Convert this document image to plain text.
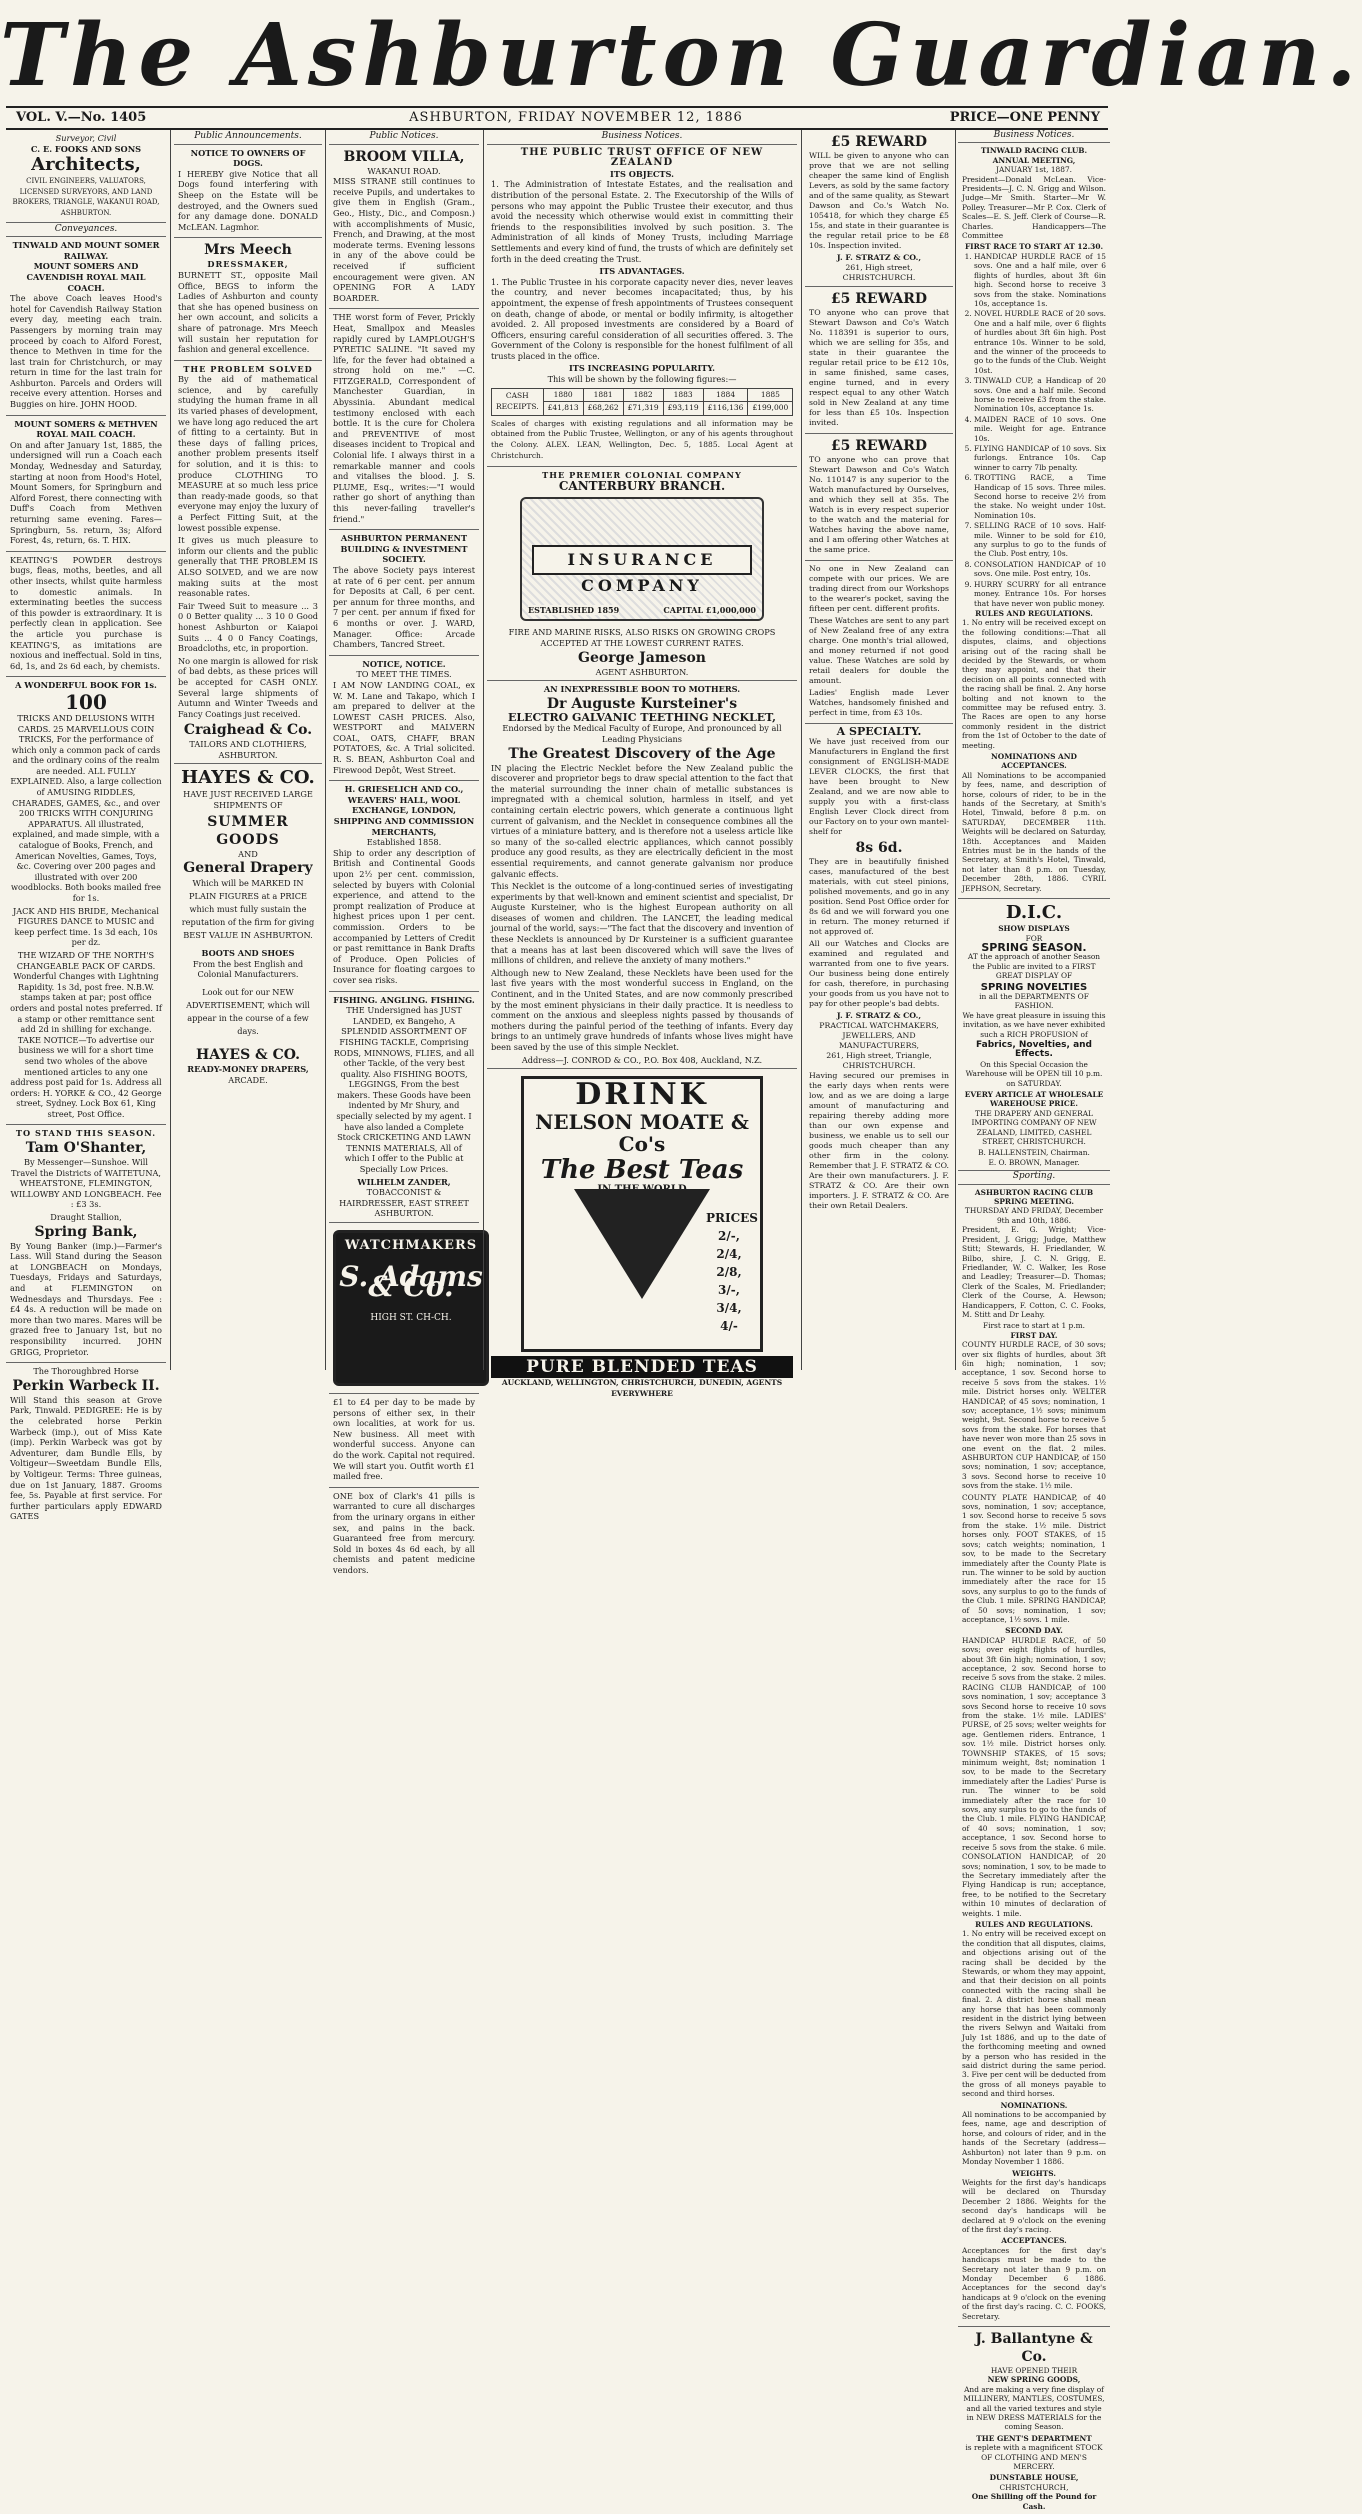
The Ashburton Guardian.
VOL. V.—No. 1405	ASHBURTON, FRIDAY NOVEMBER 12, 1886	PRICE—ONE PENNY
Surveyor, Civil
C. E. FOOKS AND SONS
Architects,
CIVIL ENGINEERS, VALUATORS, LICENSED SURVEYORS, AND LAND BROKERS, TRIANGLE, WAKANUI ROAD, ASHBURTON.
Conveyances.
TINWALD AND MOUNT SOMER RAILWAY.
MOUNT SOMERS AND CAVENDISH ROYAL MAIL COACH.

The above Coach leaves Hood's hotel for Cavendish Railway Station every day, meeting each train. Passengers by morning train may proceed by coach to Alford Forest, thence to Methven in time for the last train for Christchurch, or may return in time for the last train for Ashburton. Parcels and Orders will receive every attention. Horses and Buggies on hire. JOHN HOOD.

MOUNT SOMERS & METHVEN ROYAL MAIL COACH.

On and after January 1st, 1885, the undersigned will run a Coach each Monday, Wednesday and Saturday, starting at noon from Hood's Hotel, Mount Somers, for Springburn and Alford Forest, there connecting with Duff's Coach from Methven returning same evening. Fares—Springburn, 5s. return, 3s; Alford Forest, 4s, return, 6s. T. HIX.

KEATING'S POWDER destroys bugs, fleas, moths, beetles, and all other insects, whilst quite harmless to domestic animals. In exterminating beetles the success of this powder is extraordinary. It is perfectly clean in application. See the article you purchase is KEATING'S, as imitations are noxious and ineffectual. Sold in tins, 6d, 1s, and 2s 6d each, by chemists.

A WONDERFUL BOOK FOR 1s.
100

TRICKS AND DELUSIONS WITH CARDS. 25 MARVELLOUS COIN TRICKS, For the performance of which only a common pack of cards and the ordinary coins of the realm are needed. ALL FULLY EXPLAINED. Also, a large collection of AMUSING RIDDLES, CHARADES, GAMES, &c., and over 200 TRICKS WITH CONJURING APPARATUS. All illustrated, explained, and made simple, with a catalogue of Books, French, and American Novelties, Games, Toys, &c. Covering over 200 pages and illustrated with over 200 woodblocks. Both books mailed free for 1s.

JACK AND HIS BRIDE, Mechanical FIGURES DANCE to MUSIC and keep perfect time. 1s 3d each, 10s per dz.

THE WIZARD OF THE NORTH'S CHANGEABLE PACK OF CARDS. Wonderful Changes with Lightning Rapidity. 1s 3d, post free. N.B.W. stamps taken at par; post office orders and postal notes preferred. If a stamp or other remittance sent add 2d in shilling for exchange. TAKE NOTICE—To advertise our business we will for a short time send two wholes of the above mentioned articles to any one address post paid for 1s. Address all orders: H. YORKE & CO., 42 George street, Sydney. Lock Box 61, King street, Post Office.

TO STAND THIS SEASON.
Tam O'Shanter,

By Messenger—Sunshoe. Will Travel the Districts of WAITETUNA, WHEATSTONE, FLEMINGTON, WILLOWBY AND LONGBEACH. Fee : £3 3s.

Draught Stallion,
Spring Bank,

By Young Banker (imp.)—Farmer's Lass. Will Stand during the Season at LONGBEACH on Mondays, Tuesdays, Fridays and Saturdays, and at FLEMINGTON on Wednesdays and Thursdays. Fee : £4 4s. A reduction will be made on more than two mares. Mares will be grazed free to January 1st, but no responsibility incurred. JOHN GRIGG, Proprietor.

The Thoroughbred Horse
Perkin Warbeck II.

Will Stand this season at Grove Park, Tinwald. PEDIGREE: He is by the celebrated horse Perkin Warbeck (imp.), out of Miss Kate (imp). Perkin Warbeck was got by Adventurer, dam Bundle Ells, by Voltigeur—Sweetdam Bundle Ells, by Voltigeur. Terms: Three guineas, due on 1st January, 1887. Grooms fee, 5s. Payable at first service. For further particulars apply EDWARD GATES

Public Announcements.
NOTICE TO OWNERS OF DOGS.

I HEREBY give Notice that all Dogs found interfering with Sheep on the Estate will be destroyed, and the Owners sued for any damage done. DONALD McLEAN. Lagmhor.

Mrs Meech
DRESSMAKER,

BURNETT ST., opposite Mail Office, BEGS to inform the Ladies of Ashburton and county that she has opened business on her own account, and solicits a share of patronage. Mrs Meech will sustain her reputation for fashion and general excellence.

THE PROBLEM SOLVED

By the aid of mathematical science, and by carefully studying the human frame in all its varied phases of development, we have long ago reduced the art of fitting to a certainty. But in these days of falling prices, another problem presents itself for solution, and it is this: to produce CLOTHING TO MEASURE at so much less price than ready-made goods, so that everyone may enjoy the luxury of a Perfect Fitting Suit, at the lowest possible expense.

It gives us much pleasure to inform our clients and the public generally that THE PROBLEM IS ALSO SOLVED, and we are now making suits at the most reasonable rates.

Fair Tweed Suit to measure ... 3 0 0 Better quality ... 3 10 0 Good honest Ashburton or Kaiapoi Suits ... 4 0 0 Fancy Coatings, Broadcloths, etc, in proportion.

No one margin is allowed for risk of bad debts, as these prices will be accepted for CASH ONLY. Several large shipments of Autumn and Winter Tweeds and Fancy Coatings just received.

Craighead & Co.
TAILORS AND CLOTHIERS, ASHBURTON.
HAYES & CO.

HAVE JUST RECEIVED LARGE SHIPMENTS OF

SUMMER GOODS
AND
General Drapery

Which will be MARKED IN PLAIN FIGURES at a PRICE which must fully sustain the reputation of the firm for giving BEST VALUE IN ASHBURTON.

BOOTS AND SHOES

From the best English and Colonial Manufacturers.

Look out for our NEW ADVERTISEMENT, which will appear in the course of a few days.

HAYES & CO.
READY-MONEY DRAPERS,
ARCADE.
Public Notices.
BROOM VILLA,
WAKANUI ROAD.

MISS STRANE still continues to receive Pupils, and undertakes to give them in English (Gram., Geo., Histy., Dic., and Composn.) with accomplishments of Music, French, and Drawing, at the most moderate terms. Evening lessons in any of the above could be received if sufficient encouragement were given. AN OPENING FOR A LADY BOARDER.

THE worst form of Fever, Prickly Heat, Smallpox and Measles rapidly cured by LAMPLOUGH'S PYRETIC SALINE. "It saved my life, for the fever had obtained a strong hold on me." —C. FITZGERALD, Correspondent of Manchester Guardian, in Abyssinia. Abundant medical testimony enclosed with each bottle. It is the cure for Cholera and PREVENTIVE of most diseases incident to Tropical and Colonial life. I always thirst in a remarkable manner and cools and vitalises the blood. J. S. PLUME, Esq., writes:—"I would rather go short of anything than this never-failing traveller's friend."

ASHBURTON PERMANENT BUILDING & INVESTMENT SOCIETY.

The above Society pays interest at rate of 6 per cent. per annum for Deposits at Call, 6 per cent. per annum for three months, and 7 per cent. per annum if fixed for 6 months or over. J. WARD, Manager. Office: Arcade Chambers, Tancred Street.

NOTICE, NOTICE.
TO MEET THE TIMES.

I AM NOW LANDING COAL, ex W. M. Lane and Takapo, which I am prepared to deliver at the LOWEST CASH PRICES. Also, WESTPORT and MALVERN COAL, OATS, CHAFF, BRAN POTATOES, &c. A Trial solicited. R. S. BEAN, Ashburton Coal and Firewood Depôt, West Street.

H. GRIESELICH AND CO., WEAVERS' HALL, WOOL EXCHANGE, LONDON, SHIPPING AND COMMISSION MERCHANTS,
Established 1858.

Ship to order any description of British and Continental Goods upon 2½ per cent. commission, selected by buyers with Colonial experience, and attend to the prompt realization of Produce at highest prices upon 1 per cent. commission. Orders to be accompanied by Letters of Credit or past remittance in Bank Drafts of Produce. Open Policies of Insurance for floating cargoes to cover sea risks.

FISHING. ANGLING. FISHING.

THE Undersigned has JUST LANDED, ex Bangeho, A SPLENDID ASSORTMENT OF FISHING TACKLE, Comprising RODS, MINNOWS, FLIES, and all other Tackle, of the very best quality. Also FISHING BOOTS, LEGGINGS, From the best makers. These Goods have been indented by Mr Shury, and specially selected by my agent. I have also landed a Complete Stock CRICKETING AND LAWN TENNIS MATERIALS, All of which I offer to the Public at Specially Low Prices.

WILHELM ZANDER,
TOBACCONIST & HAIRDRESSER, EAST STREET ASHBURTON.
WATCHMAKERS
S. Adams & Co.
HIGH ST. CH-CH.

£1 to £4 per day to be made by persons of either sex, in their own localities, at work for us. New business. All meet with wonderful success. Anyone can do the work. Capital not required. We will start you. Outfit worth £1 mailed free.

ONE box of Clark's 41 pills is warranted to cure all discharges from the urinary organs in either sex, and pains in the back. Guaranteed free from mercury. Sold in boxes 4s 6d each, by all chemists and patent medicine vendors.

Business Notices.
THE PUBLIC TRUST OFFICE OF NEW ZEALAND
ITS OBJECTS.

1. The Administration of Intestate Estates, and the realisation and distribution of the personal Estate. 2. The Executorship of the Wills of persons who may appoint the Public Trustee their executor, and thus avoid the necessity which otherwise would exist in committing their friends to the responsibilities involved by such position. 3. The Administration of all kinds of Money Trusts, including Marriage Settlements and every kind of fund, the trusts of which are definitely set forth in the deed creating the Trust.

ITS ADVANTAGES.

1. The Public Trustee in his corporate capacity never dies, never leaves the country, and never becomes incapacitated; thus, by his appointment, the expense of fresh appointments of Trustees consequent on death, change of abode, or mental or bodily infirmity, is altogether avoided. 2. All proposed investments are considered by a Board of Officers, ensuring careful consideration of all securities offered. 3. The Government of the Colony is responsible for the honest fulfilment of all trusts placed in the office.

ITS INCREASING POPULARITY.
This will be shown by the following figures:—
CASH RECEIPTS.	1880	1881	1882	1883	1884	1885
	£41,813	£68,262	£71,319	£93,119	£116,136	£199,000

Scales of charges with existing regulations and all information may be obtained from the Public Trustee, Wellington, or any of his agents throughout the Colony. ALEX. LEAN, Wellington, Dec. 5, 1885. Local Agent at Christchurch.

THE PREMIER COLONIAL COMPANY
CANTERBURY BRANCH.
INSURANCE COMPANY
ESTABLISHED 1859	CAPITAL £1,000,000
FIRE AND MARINE RISKS, ALSO RISKS ON GROWING CROPS ACCEPTED AT THE LOWEST CURRENT RATES.
George Jameson
AGENT ASHBURTON.
AN INEXPRESSIBLE BOON TO MOTHERS.
Dr Auguste Kursteiner's
ELECTRO GALVANIC TEETHING NECKLET,
Endorsed by the Medical Faculty of Europe, And pronounced by all Leading Physicians
The Greatest Discovery of the Age

IN placing the Electric Necklet before the New Zealand public the discoverer and proprietor begs to draw special attention to the fact that the material surrounding the inner chain of metallic substances is impregnated with a chemical solution, harmless in itself, and yet containing certain electric powers, which generate a continuous light current of galvanism, and the Necklet in consequence combines all the virtues of a miniature battery, and is therefore not a useless article like so many of the so-called electric appliances, which cannot possibly produce any good results, as they are electrically deficient in the most essential requirements, and cannot generate galvanism nor produce galvanic effects.

This Necklet is the outcome of a long-continued series of investigating experiments by that well-known and eminent scientist and specialist, Dr Auguste Kursteiner, who is the highest European authority on all diseases of women and children. The LANCET, the leading medical journal of the world, says:—"The fact that the discovery and invention of these Necklets is announced by Dr Kursteiner is a sufficient guarantee that a means has at last been discovered which will save the lives of millions of children, and relieve the anxiety of many mothers."

Although new to New Zealand, these Necklets have been used for the last five years with the most wonderful success in England, on the Continent, and in the United States, and are now commonly prescribed by the most eminent physicians in their daily practice. It is needless to comment on the anxious and sleepless nights passed by thousands of mothers during the painful period of the teething of infants. Every day brings to an untimely grave hundreds of infants whose lives might have been saved by the use of this simple Necklet.

Address—J. CONROD & CO., P.O. Box 408, Auckland, N.Z.
DRINK
NELSON MOATE & Co's
The Best Teas
IN THE WORLD
PRICES 2/-, 2/4, 2/8, 3/-, 3/4, 4/-
PURE BLENDED TEAS
AUCKLAND, WELLINGTON, CHRISTCHURCH, DUNEDIN, AGENTS EVERYWHERE
£5 REWARD

WILL be given to anyone who can prove that we are not selling cheaper the same kind of English Levers, as sold by the same factory and of the same quality, as Stewart Dawson and Co.'s Watch No. 105418, for which they charge £5 15s, and state in their guarantee is the regular retail price to be £8 10s. Inspection invited.

J. F. STRATZ & CO.,
261, High street, CHRISTCHURCH.
£5 REWARD

TO anyone who can prove that Stewart Dawson and Co's Watch No. 118391 is superior to ours, which we are selling for 35s, and state in their guarantee the regular retail price to be £12 10s, in same finished, same cases, engine turned, and in every respect equal to any other Watch sold in New Zealand at any time for less than £5 10s. Inspection invited.

£5 REWARD

TO anyone who can prove that Stewart Dawson and Co's Watch No. 110147 is any superior to the Watch manufactured by Ourselves, and which they sell at 35s. The Watch is in every respect superior to the watch and the material for Watches having the above name, and I am offering other Watches at the same price.

No one in New Zealand can compete with our prices. We are trading direct from our Workshops to the wearer's pocket, saving the fifteen per cent. different profits.

These Watches are sent to any part of New Zealand free of any extra charge. One month's trial allowed, and money returned if not good value. These Watches are sold by retail dealers for double the amount.

Ladies' English made Lever Watches, handsomely finished and perfect in time, from £3 10s.

A SPECIALTY.

We have just received from our Manufacturers in England the first consignment of ENGLISH-MADE LEVER CLOCKS, the first that have been brought to New Zealand, and we are now able to supply you with a first-class English Lever Clock direct from our Factory on to your own mantel-shelf for

8s 6d.

They are in beautifully finished cases, manufactured of the best materials, with cut steel pinions, polished movements, and go in any position. Send Post Office order for 8s 6d and we will forward you one in return. The money returned if not approved of.

All our Watches and Clocks are examined and regulated and warranted from one to five years. Our business being done entirely for cash, therefore, in purchasing your goods from us you have not to pay for other people's bad debts.

J. F. STRATZ & CO.,
PRACTICAL WATCHMAKERS, JEWELLERS, AND MANUFACTURERS,
261, High street, Triangle, CHRISTCHURCH.

Having secured our premises in the early days when rents were low, and as we are doing a large amount of manufacturing and repairing thereby adding more than our own expense and business, we enable us to sell our goods much cheaper than any other firm in the colony. Remember that J. F. STRATZ & CO. Are their own manufacturers. J. F. STRATZ & CO. Are their own importers. J. F. STRATZ & CO. Are their own Retail Dealers.

Business Notices.
TINWALD RACING CLUB.
ANNUAL MEETING,
JANUARY 1st, 1887.

President—Donald McLean. Vice-Presidents—J. C. N. Grigg and Wilson. Judge—Mr Smith. Starter—Mr W. Polley. Treasurer—Mr P. Cox. Clerk of Scales—E. S. Jeff. Clerk of Course—R. Charles. Handicappers—The Committee

FIRST RACE TO START AT 12.30.
1. HANDICAP HURDLE RACE of 15 sovs. One and a half mile, over 6 flights of hurdles, about 3ft 6in high. Second horse to receive 3 sovs from the stake. Nominations 10s, acceptance 1s.
2. NOVEL HURDLE RACE of 20 sovs. One and a half mile, over 6 flights of hurdles about 3ft 6in high. Post entrance 10s. Winner to be sold, and the winner of the proceeds to go to the funds of the Club. Weight 10st.
3. TINWALD CUP, a Handicap of 20 sovs. One and a half mile. Second horse to receive £3 from the stake. Nomination 10s, acceptance 1s.
4. MAIDEN RACE of 10 sovs. One mile. Weight for age. Entrance 10s.
5. FLYING HANDICAP of 10 sovs. Six furlongs. Entrance 10s. Cap winner to carry 7lb penalty.
6. TROTTING RACE, a Time Handicap of 15 sovs. Three miles. Second horse to receive 2½ from the stake. No weight under 10st. Nomination 10s.
7. SELLING RACE of 10 sovs. Half-mile. Winner to be sold for £10, any surplus to go to the funds of the Club. Post entry, 10s.
8. CONSOLATION HANDICAP of 10 sovs. One mile. Post entry, 10s.
9. HURRY SCURRY for all entrance money. Entrance 10s. For horses that have never won public money.
RULES AND REGULATIONS.

1. No entry will be received except on the following conditions:—That all disputes, claims, and objections arising out of the racing shall be decided by the Stewards, or whom they may appoint, and that their decision on all points connected with the racing shall be final. 2. Any horse bolting and not known to the committee may be refused entry. 3. The Races are open to any horse commonly resident in the district from the 1st of October to the date of meeting.

NOMINATIONS AND ACCEPTANCES.

All Nominations to be accompanied by fees, name, and description of horse, colours of rider, to be in the hands of the Secretary, at Smith's Hotel, Tinwald, before 8 p.m. on SATURDAY, DECEMBER 11th. Weights will be declared on Saturday, 18th. Acceptances and Maiden Entries must be in the hands of the Secretary, at Smith's Hotel, Tinwald, not later than 8 p.m. on Tuesday, December 28th, 1886. CYRIL JEPHSON, Secretary.

D.I.C.
SHOW DISPLAYS
FOR
SPRING SEASON.

AT the approach of another Season the Public are invited to a FIRST GREAT DISPLAY OF

SPRING NOVELTIES
in all the DEPARTMENTS OF FASHION.

We have great pleasure in issuing this invitation, as we have never exhibited such a RICH PROFUSION of

Fabrics, Novelties, and Effects.

On this Special Occasion the Warehouse will be OPEN till 10 p.m. on SATURDAY.

EVERY ARTICLE AT WHOLESALE WAREHOUSE PRICE.

THE DRAPERY AND GENERAL IMPORTING COMPANY OF NEW ZEALAND, LIMITED, CASHEL STREET, CHRISTCHURCH.

B. HALLENSTEIN, Chairman.
E. O. BROWN, Manager.
Sporting.
ASHBURTON RACING CLUB
SPRING MEETING.
THURSDAY AND FRIDAY, December 9th and 10th, 1886.

President, E. G. Wright; Vice-President, J. Grigg; Judge, Matthew Stitt; Stewards, H. Friedlander, W. Bilbo, shire, J. C. N. Grigg, E. Friedlander, W. C. Walker, Ies Rose and Leadley; Treasurer—D. Thomas; Clerk of the Scales, M. Friedlander; Clerk of the Course, A. Hewson; Handicappers, F. Cotton, C. C. Fooks, M. Stitt and Dr Leahy.

First race to start at 1 p.m.
FIRST DAY.

COUNTY HURDLE RACE, of 30 sovs; over six flights of hurdles, about 3ft 6in high; nomination, 1 sov; acceptance, 1 sov. Second horse to receive 5 sovs from the stakes. 1½ mile. District horses only. WELTER HANDICAP, of 45 sovs; nomination, 1 sov; acceptance, 1½ sovs; minimum weight, 9st. Second horse to receive 5 sovs from the stake. For horses that have never won more than 25 sovs in one event on the flat. 2 miles. ASHBURTON CUP HANDICAP, of 150 sovs; nomination, 1 sov; acceptance, 3 sovs. Second horse to receive 10 sovs from the stake. 1½ mile.

COUNTY PLATE HANDICAP, of 40 sovs, nomination, 1 sov; acceptance, 1 sov. Second horse to receive 5 sovs from the stake. 1½ mile. District horses only. FOOT STAKES, of 15 sovs; catch weights; nomination, 1 sov, to be made to the Secretary immediately after the County Plate is run. The winner to be sold by auction immediately after the race for 15 sovs, any surplus to go to the funds of the Club. 1 mile. SPRING HANDICAP, of 50 sovs; nomination, 1 sov; acceptance, 1½ sovs. 1 mile.

SECOND DAY.

HANDICAP HURDLE RACE, of 50 sovs; over eight flights of hurdles, about 3ft 6in high; nomination, 1 sov; acceptance, 2 sov. Second horse to receive 5 sovs from the stake. 2 miles. RACING CLUB HANDICAP, of 100 sovs nomination, 1 sov; acceptance 3 sovs Second horse to receive 10 sovs from the stake. 1½ mile. LADIES' PURSE, of 25 sovs; welter weights for age. Gentlemen riders. Entrance, 1 sov. 1½ mile. District horses only. TOWNSHIP STAKES, of 15 sovs; minimum weight, 8st; nomination 1 sov, to be made to the Secretary immediately after the Ladies' Purse is run. The winner to be sold immediately after the race for 10 sovs, any surplus to go to the funds of the Club. 1 mile. FLYING HANDICAP, of 40 sovs; nomination, 1 sov; acceptance, 1 sov. Second horse to receive 5 sovs from the stake. 6 mile. CONSOLATION HANDICAP, of 20 sovs; nomination, 1 sov, to be made to the Secretary immediately after the Flying Handicap is run; acceptance, free, to be notified to the Secretary within 10 minutes of declaration of weights. 1 mile.

RULES AND REGULATIONS.

1. No entry will be received except on the condition that all disputes, claims, and objections arising out of the racing shall be decided by the Stewards, or whom they may appoint, and that their decision on all points connected with the racing shall be final. 2. A district horse shall mean any horse that has been commonly resident in the district lying between the rivers Selwyn and Waitaki from July 1st 1886, and up to the date of the forthcoming meeting and owned by a person who has resided in the said district during the same period. 3. Five per cent will be deducted from the gross of all moneys payable to second and third horses.

NOMINATIONS.

All nominations to be accompanied by fees, name, age and description of horse, and colours of rider, and in the hands of the Secretary (address—Ashburton) not later than 9 p.m. on Monday November 1 1886.

WEIGHTS.

Weights for the first day's handicaps will be declared on Thursday December 2 1886. Weights for the second day's handicaps will be declared at 9 o'clock on the evening of the first day's racing.

ACCEPTANCES.

Acceptances for the first day's handicaps must be made to the Secretary not later than 9 p.m. on Monday December 6 1886. Acceptances for the second day's handicaps at 9 o'clock on the evening of the first day's racing. C. C. FOOKS, Secretary.

J. Ballantyne & Co.
HAVE OPENED THEIR
NEW SPRING GOODS,

And are making a very fine display of MILLINERY, MANTLES, COSTUMES, and all the varied textures and style in NEW DRESS MATERIALS for the coming Season.

THE GENT'S DEPARTMENT

is replete with a magnificent STOCK OF CLOTHING AND MEN'S MERCERY.

DUNSTABLE HOUSE,
CHRISTCHURCH,
One Shilling off the Pound for Cash.
